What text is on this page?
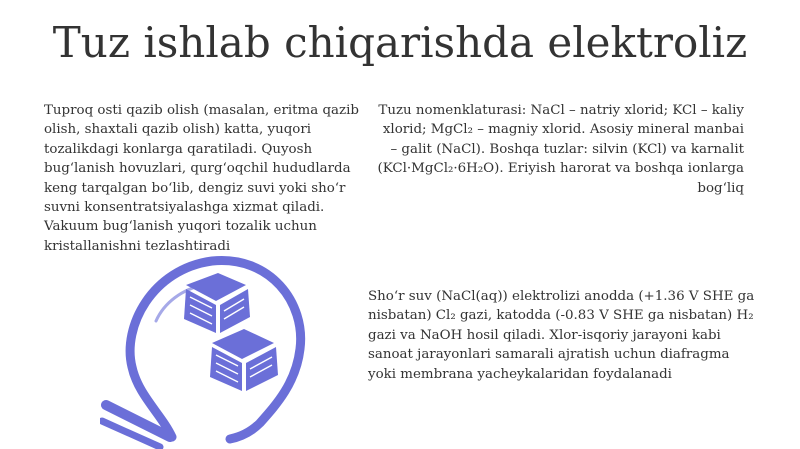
Tuz ishlab chiqarishda elektroliz
Tuproq osti qazib olish (masalan, eritma qazib olish, shaxtali qazib olish) katta, yuqori tozalikdagi konlarga qaratiladi. Quyosh bug‘lanish hovuzlari, qurg‘oqchil hududlarda keng tarqalgan bo‘lib, dengiz suvi yoki sho‘r suvni konsentratsiyalashga xizmat qiladi. Vakuum bug‘lanish yuqori tozalik uchun kristallanishni tezlashtiradi
Tuzu nomenklaturasi: NaCl – natriy xlorid; KCl – kaliy xlorid; MgCl₂ – magniy xlorid. Asosiy mineral manbai – galit (NaCl). Boshqa tuzlar: silvin (KCl) va karnalit (KCl·MgCl₂·6H₂O). Eriyish harorat va boshqa ionlarga bog‘liq
Sho‘r suv (NaCl(aq)) elektrolizi anodda (+1.36 V SHE ga nisbatan) Cl₂ gazi, katodda (-0.83 V SHE ga nisbatan) H₂ gazi va NaOH hosil qiladi. Xlor-isqoriy jarayoni kabi sanoat jarayonlari samarali ajratish uchun diafragma yoki membrana yacheykalaridan foydalanadi
